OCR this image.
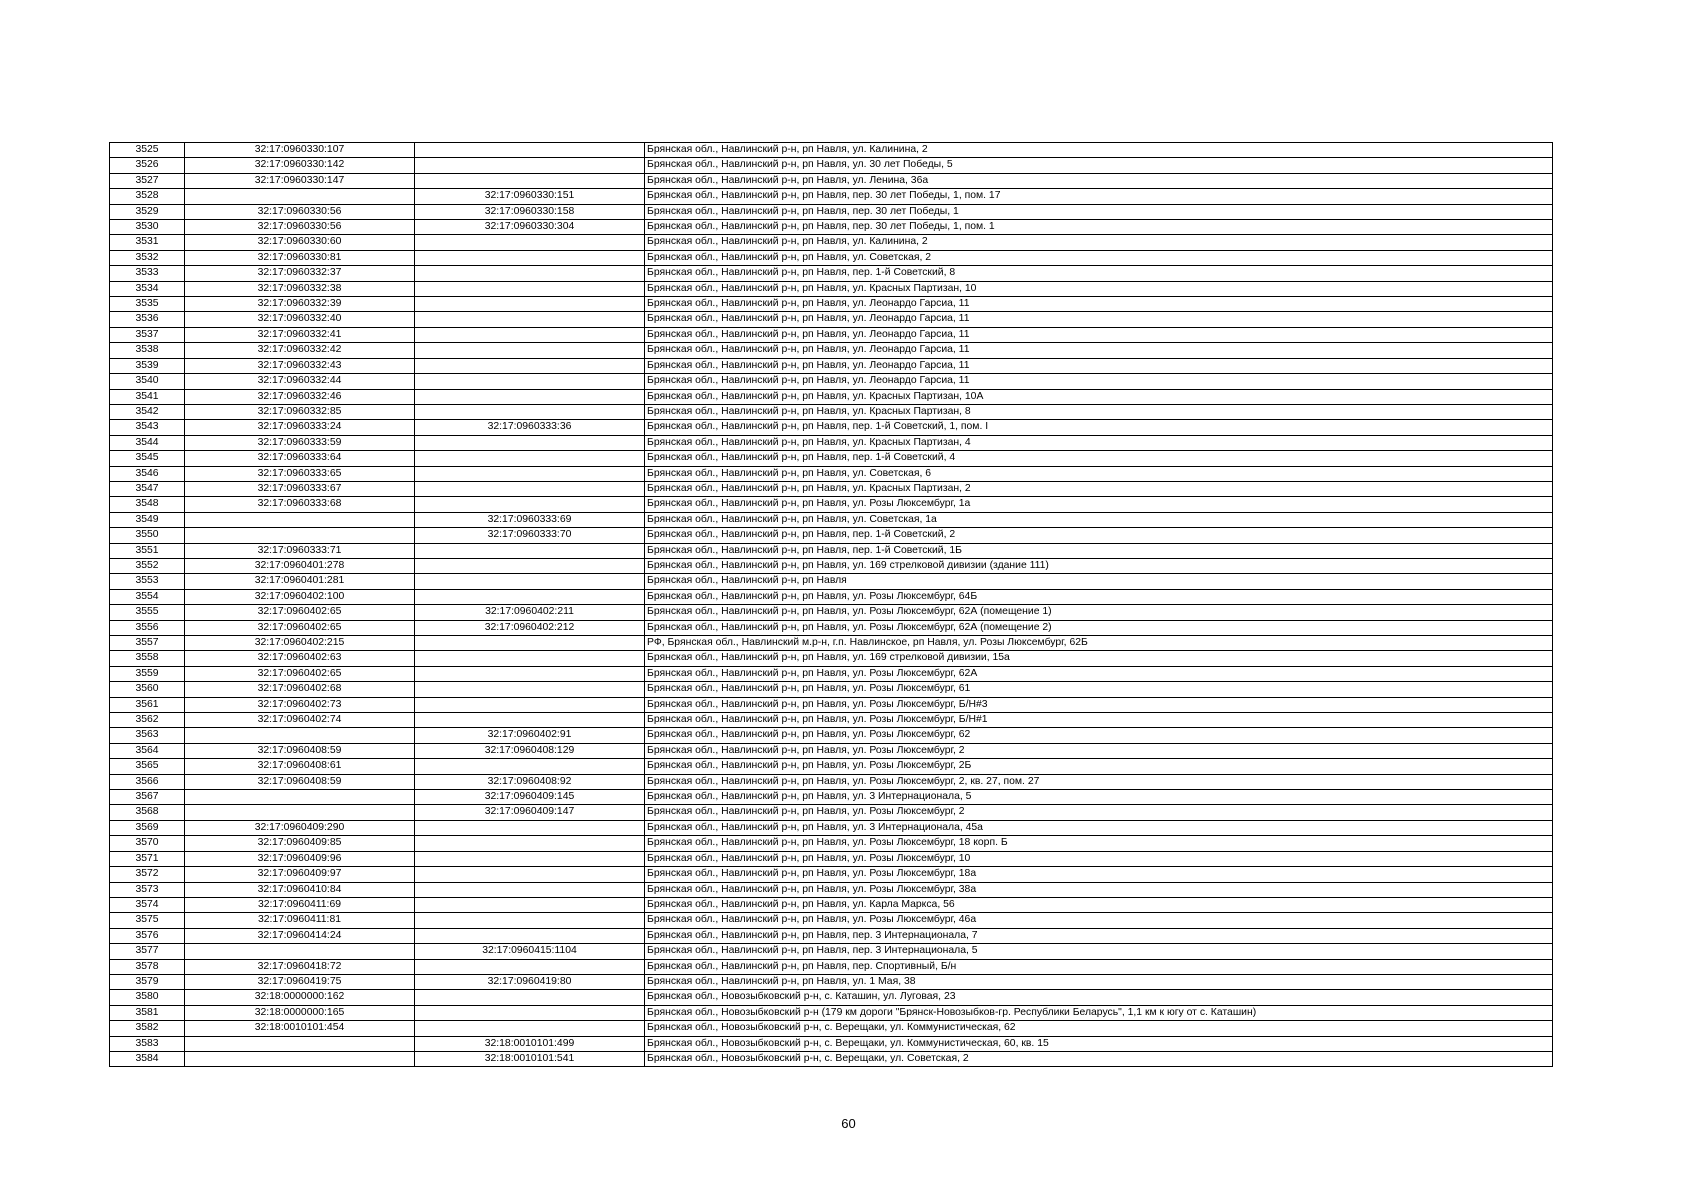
3525	32:17:0960330:107		Брянская обл., Навлинский р-н, рп Навля, ул. Калинина, 2
3526	32:17:0960330:142		Брянская обл., Навлинский р-н, рп Навля, ул. 30 лет Победы, 5
3527	32:17:0960330:147		Брянская обл., Навлинский р-н, рп Навля, ул. Ленина, 36а
3528		32:17:0960330:151	Брянская обл., Навлинский р-н, рп Навля, пер. 30 лет Победы, 1, пом. 17
3529	32:17:0960330:56	32:17:0960330:158	Брянская обл., Навлинский р-н, рп Навля, пер. 30 лет Победы, 1
3530	32:17:0960330:56	32:17:0960330:304	Брянская обл., Навлинский р-н, рп Навля, пер. 30 лет Победы, 1, пом. 1
3531	32:17:0960330:60		Брянская обл., Навлинский р-н, рп Навля, ул. Калинина, 2
3532	32:17:0960330:81		Брянская обл., Навлинский р-н, рп Навля, ул. Советская, 2
3533	32:17:0960332:37		Брянская обл., Навлинский р-н, рп Навля, пер. 1-й Советский, 8
3534	32:17:0960332:38		Брянская обл., Навлинский р-н, рп Навля, ул. Красных Партизан, 10
3535	32:17:0960332:39		Брянская обл., Навлинский р-н, рп Навля, ул. Леонардо Гарсиа, 11
3536	32:17:0960332:40		Брянская обл., Навлинский р-н, рп Навля, ул. Леонардо Гарсиа, 11
3537	32:17:0960332:41		Брянская обл., Навлинский р-н, рп Навля, ул. Леонардо Гарсиа, 11
3538	32:17:0960332:42		Брянская обл., Навлинский р-н, рп Навля, ул. Леонардо Гарсиа, 11
3539	32:17:0960332:43		Брянская обл., Навлинский р-н, рп Навля, ул. Леонардо Гарсиа, 11
3540	32:17:0960332:44		Брянская обл., Навлинский р-н, рп Навля, ул. Леонардо Гарсиа, 11
3541	32:17:0960332:46		Брянская обл., Навлинский р-н, рп Навля, ул. Красных Партизан, 10А
3542	32:17:0960332:85		Брянская обл., Навлинский р-н, рп Навля, ул. Красных Партизан, 8
3543	32:17:0960333:24	32:17:0960333:36	Брянская обл., Навлинский р-н, рп Навля, пер. 1-й Советский, 1, пом. I
3544	32:17:0960333:59		Брянская обл., Навлинский р-н, рп Навля, ул. Красных Партизан, 4
3545	32:17:0960333:64		Брянская обл., Навлинский р-н, рп Навля, пер. 1-й Советский, 4
3546	32:17:0960333:65		Брянская обл., Навлинский р-н, рп Навля, ул. Советская, 6
3547	32:17:0960333:67		Брянская обл., Навлинский р-н, рп Навля, ул. Красных Партизан, 2
3548	32:17:0960333:68		Брянская обл., Навлинский р-н, рп Навля, ул. Розы Люксембург, 1а
3549		32:17:0960333:69	Брянская обл., Навлинский р-н, рп Навля, ул. Советская, 1а
3550		32:17:0960333:70	Брянская обл., Навлинский р-н, рп Навля, пер. 1-й Советский, 2
3551	32:17:0960333:71		Брянская обл., Навлинский р-н, рп Навля, пер. 1-й Советский, 1Б
3552	32:17:0960401:278		Брянская обл., Навлинский р-н, рп Навля, ул. 169 стрелковой дивизии (здание 111)
3553	32:17:0960401:281		Брянская обл., Навлинский р-н, рп Навля
3554	32:17:0960402:100		Брянская обл., Навлинский р-н, рп Навля, ул. Розы Люксембург, 64Б
3555	32:17:0960402:65	32:17:0960402:211	Брянская обл., Навлинский р-н, рп Навля, ул. Розы Люксембург, 62А (помещение 1)
3556	32:17:0960402:65	32:17:0960402:212	Брянская обл., Навлинский р-н, рп Навля, ул. Розы Люксембург, 62А (помещение 2)
3557	32:17:0960402:215		РФ, Брянская обл., Навлинский м.р-н, г.п. Навлинское, рп Навля, ул. Розы Люксембург, 62Б
3558	32:17:0960402:63		Брянская обл., Навлинский р-н, рп Навля, ул. 169 стрелковой дивизии, 15а
3559	32:17:0960402:65		Брянская обл., Навлинский р-н, рп Навля, ул. Розы Люксембург, 62А
3560	32:17:0960402:68		Брянская обл., Навлинский р-н, рп Навля, ул. Розы Люксембург, 61
3561	32:17:0960402:73		Брянская обл., Навлинский р-н, рп Навля, ул. Розы Люксембург, Б/Н#3
3562	32:17:0960402:74		Брянская обл., Навлинский р-н, рп Навля, ул. Розы Люксембург, Б/Н#1
3563		32:17:0960402:91	Брянская обл., Навлинский р-н, рп Навля, ул. Розы Люксембург, 62
3564	32:17:0960408:59	32:17:0960408:129	Брянская обл., Навлинский р-н, рп Навля, ул. Розы Люксембург, 2
3565	32:17:0960408:61		Брянская обл., Навлинский р-н, рп Навля, ул. Розы Люксембург, 2Б
3566	32:17:0960408:59	32:17:0960408:92	Брянская обл., Навлинский р-н, рп Навля, ул. Розы Люксембург, 2, кв. 27, пом. 27
3567		32:17:0960409:145	Брянская обл., Навлинский р-н, рп Навля, ул. 3 Интернационала, 5
3568		32:17:0960409:147	Брянская обл., Навлинский р-н, рп Навля, ул. Розы Люксембург, 2
3569	32:17:0960409:290		Брянская обл., Навлинский р-н, рп Навля, ул. 3 Интернационала, 45а
3570	32:17:0960409:85		Брянская обл., Навлинский р-н, рп Навля, ул. Розы Люксембург, 18 корп. Б
3571	32:17:0960409:96		Брянская обл., Навлинский р-н, рп Навля, ул. Розы Люксембург, 10
3572	32:17:0960409:97		Брянская обл., Навлинский р-н, рп Навля, ул. Розы Люксембург, 18а
3573	32:17:0960410:84		Брянская обл., Навлинский р-н, рп Навля, ул. Розы Люксембург, 38а
3574	32:17:0960411:69		Брянская обл., Навлинский р-н, рп Навля, ул. Карла Маркса, 56
3575	32:17:0960411:81		Брянская обл., Навлинский р-н, рп Навля, ул. Розы Люксембург, 46а
3576	32:17:0960414:24		Брянская обл., Навлинский р-н, рп Навля, пер. 3 Интернационала, 7
3577		32:17:0960415:1104	Брянская обл., Навлинский р-н, рп Навля, пер. 3 Интернационала, 5
3578	32:17:0960418:72		Брянская обл., Навлинский р-н, рп Навля, пер. Спортивный, Б/н
3579	32:17:0960419:75	32:17:0960419:80	Брянская обл., Навлинский р-н, рп Навля, ул. 1 Мая, 38
3580	32:18:0000000:162		Брянская обл., Новозыбковский р-н, с. Каташин, ул. Луговая, 23
3581	32:18:0000000:165		Брянская обл., Новозыбковский р-н (179 км дороги "Брянск-Новозыбков-гр. Республики Беларусь", 1,1 км к югу от с. Каташин)
3582	32:18:0010101:454		Брянская обл., Новозыбковский р-н, с. Верещаки, ул. Коммунистическая, 62
3583		32:18:0010101:499	Брянская обл., Новозыбковский р-н, с. Верещаки, ул. Коммунистическая, 60, кв. 15
3584		32:18:0010101:541	Брянская обл., Новозыбковский р-н, с. Верещаки, ул. Советская, 2
60
